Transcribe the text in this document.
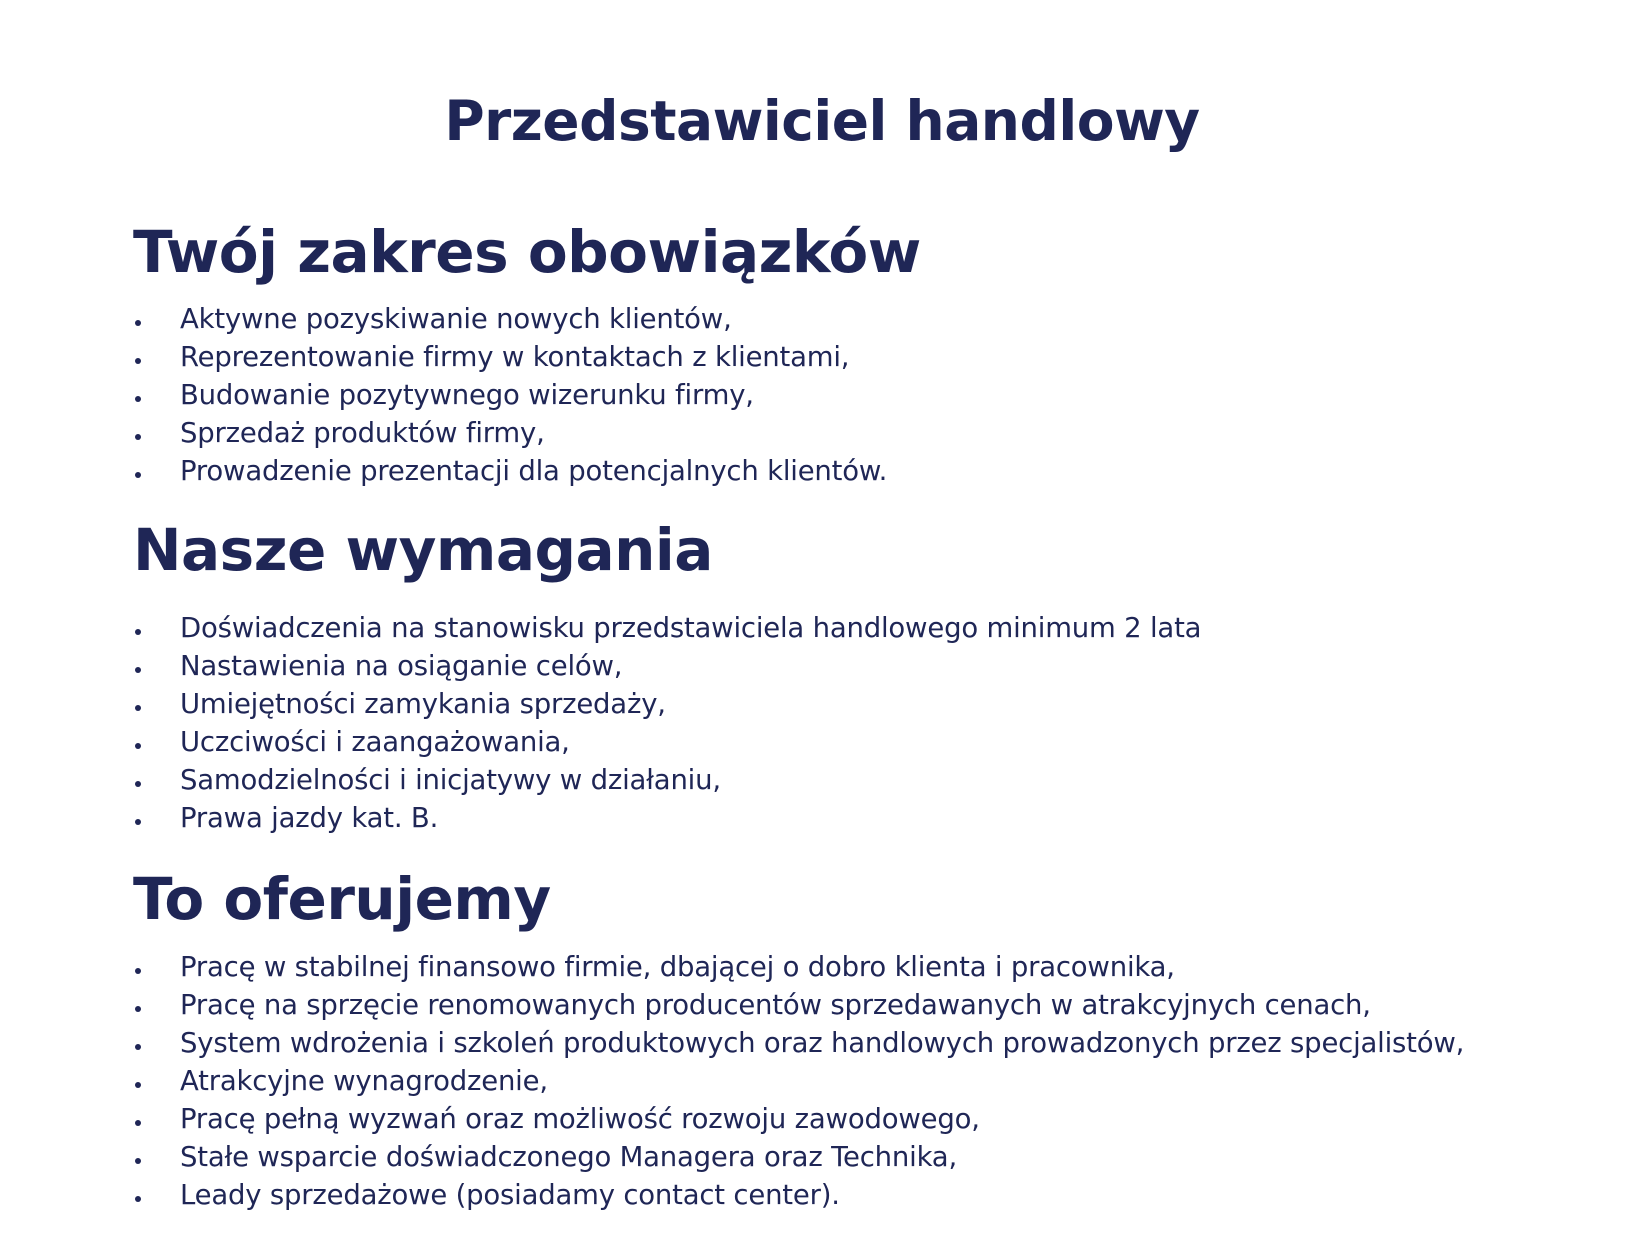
Przedstawiciel handlowy
Twój zakres obowiązków
Aktywne pozyskiwanie nowych klientów,
Reprezentowanie firmy w kontaktach z klientami,
Budowanie pozytywnego wizerunku firmy,
Sprzedaż produktów firmy,
Prowadzenie prezentacji dla potencjalnych klientów.
Nasze wymagania
Doświadczenia na stanowisku przedstawiciela handlowego minimum 2 lata
Nastawienia na osiąganie celów,
Umiejętności zamykania sprzedaży,
Uczciwości i zaangażowania,
Samodzielności i inicjatywy w działaniu,
Prawa jazdy kat. B.
To oferujemy
Pracę w stabilnej finansowo firmie, dbającej o dobro klienta i pracownika,
Pracę na sprzęcie renomowanych producentów sprzedawanych w atrakcyjnych cenach,
System wdrożenia i szkoleń produktowych oraz handlowych prowadzonych przez specjalistów,
Atrakcyjne wynagrodzenie,
Pracę pełną wyzwań oraz możliwość rozwoju zawodowego,
Stałe wsparcie doświadczonego Managera oraz Technika,
Leady sprzedażowe (posiadamy contact center).
